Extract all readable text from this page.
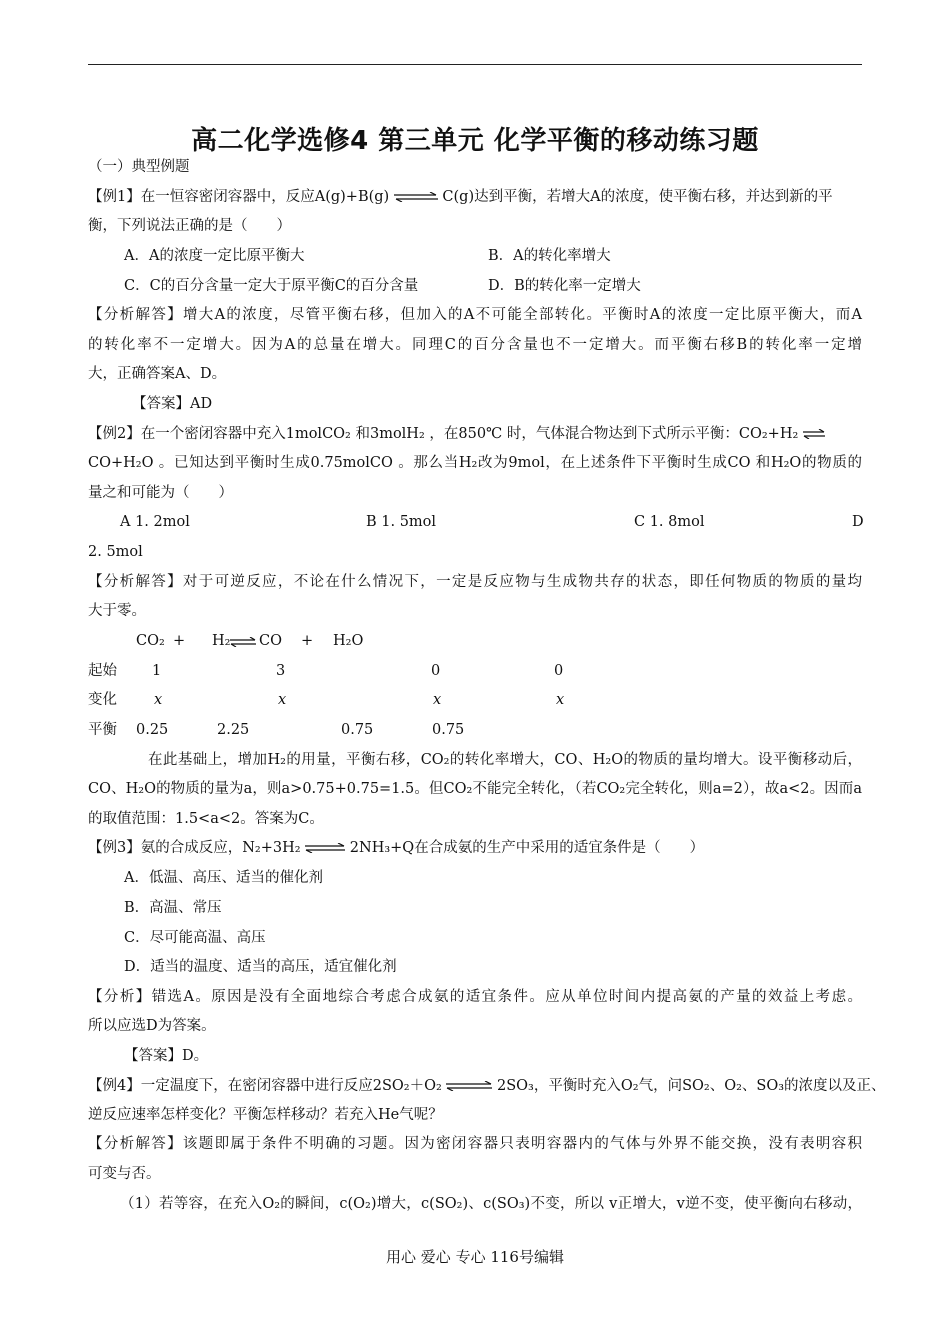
高二化学选修4 第三单元 化学平衡的移动练习题
（一）典型例题
【例1】在一恒容密闭容器中，反应A(g)+B(g) ⇌ C(g)达到平衡，若增大A的浓度，使平衡右移，并达到新的平
衡，下列说法正确的是（　　）
A．A的浓度一定比原平衡大	B．A的转化率增大
C．C的百分含量一定大于原平衡C的百分含量	D．B的转化率一定增大
【分析解答】增大A的浓度，尽管平衡右移，但加入的A不可能全部转化。平衡时A的浓度一定比原平衡大，而A
的转化率不一定增大。因为A的总量在增大。同理C的百分含量也不一定增大。而平衡右移B的转化率一定增
大，正确答案A、D。
【答案】AD
【例2】在一个密闭容器中充入1molCO₂ 和3molH₂ ，在850℃ 时，气体混合物达到下式所示平衡：CO₂+H₂ ⇌
CO+H₂O 。已知达到平衡时生成0.75molCO 。那么当H₂改为9mol，在上述条件下平衡时生成CO 和H₂O的物质的
量之和可能为（　　）
A 1. 2mol	B 1. 5mol	C 1. 8mol	D
2. 5mol
【分析解答】对于可逆反应，不论在什么情况下，一定是反应物与生成物共存的状态，即任何物质的物质的量均
大于零。
CO₂ + H₂ ⇌ CO + H₂O
起始 1	3	0	0
变化	x	x	x	x
平衡 0.25	2.25	0.75	0.75
在此基础上，增加H₂的用量，平衡右移，CO₂的转化率增大，CO、H₂O的物质的量均增大。设平衡移动后，
CO、H₂O的物质的量为a，则a>0.75+0.75=1.5。但CO₂不能完全转化，（若CO₂完全转化，则a=2），故a<2。因而a
的取值范围：1.5<a<2。答案为C。
【例3】氨的合成反应，N₂+3H₂ ⇌ 2NH₃+Q在合成氨的生产中采用的适宜条件是（　　）
A．低温、高压、适当的催化剂
B．高温、常压
C．尽可能高温、高压
D．适当的温度、适当的高压，适宜催化剂
【分析】错选A。原因是没有全面地综合考虑合成氨的适宜条件。应从单位时间内提高氨的产量的效益上考虑。
所以应选D为答案。
【答案】D。
【例4】一定温度下，在密闭容器中进行反应2SO₂＋O₂ ⇌ 2SO₃，平衡时充入O₂气，问SO₂、O₂、SO₃的浓度以及正、
逆反应速率怎样变化？平衡怎样移动？若充入He气呢？
【分析解答】该题即属于条件不明确的习题。因为密闭容器只表明容器内的气体与外界不能交换，没有表明容积
可变与否。
（1）若等容，在充入O₂的瞬间，c(O₂)增大，c(SO₂)、c(SO₃)不变，所以 v正增大，v逆不变，使平衡向右移动，
用心 爱心 专心 116号编辑
